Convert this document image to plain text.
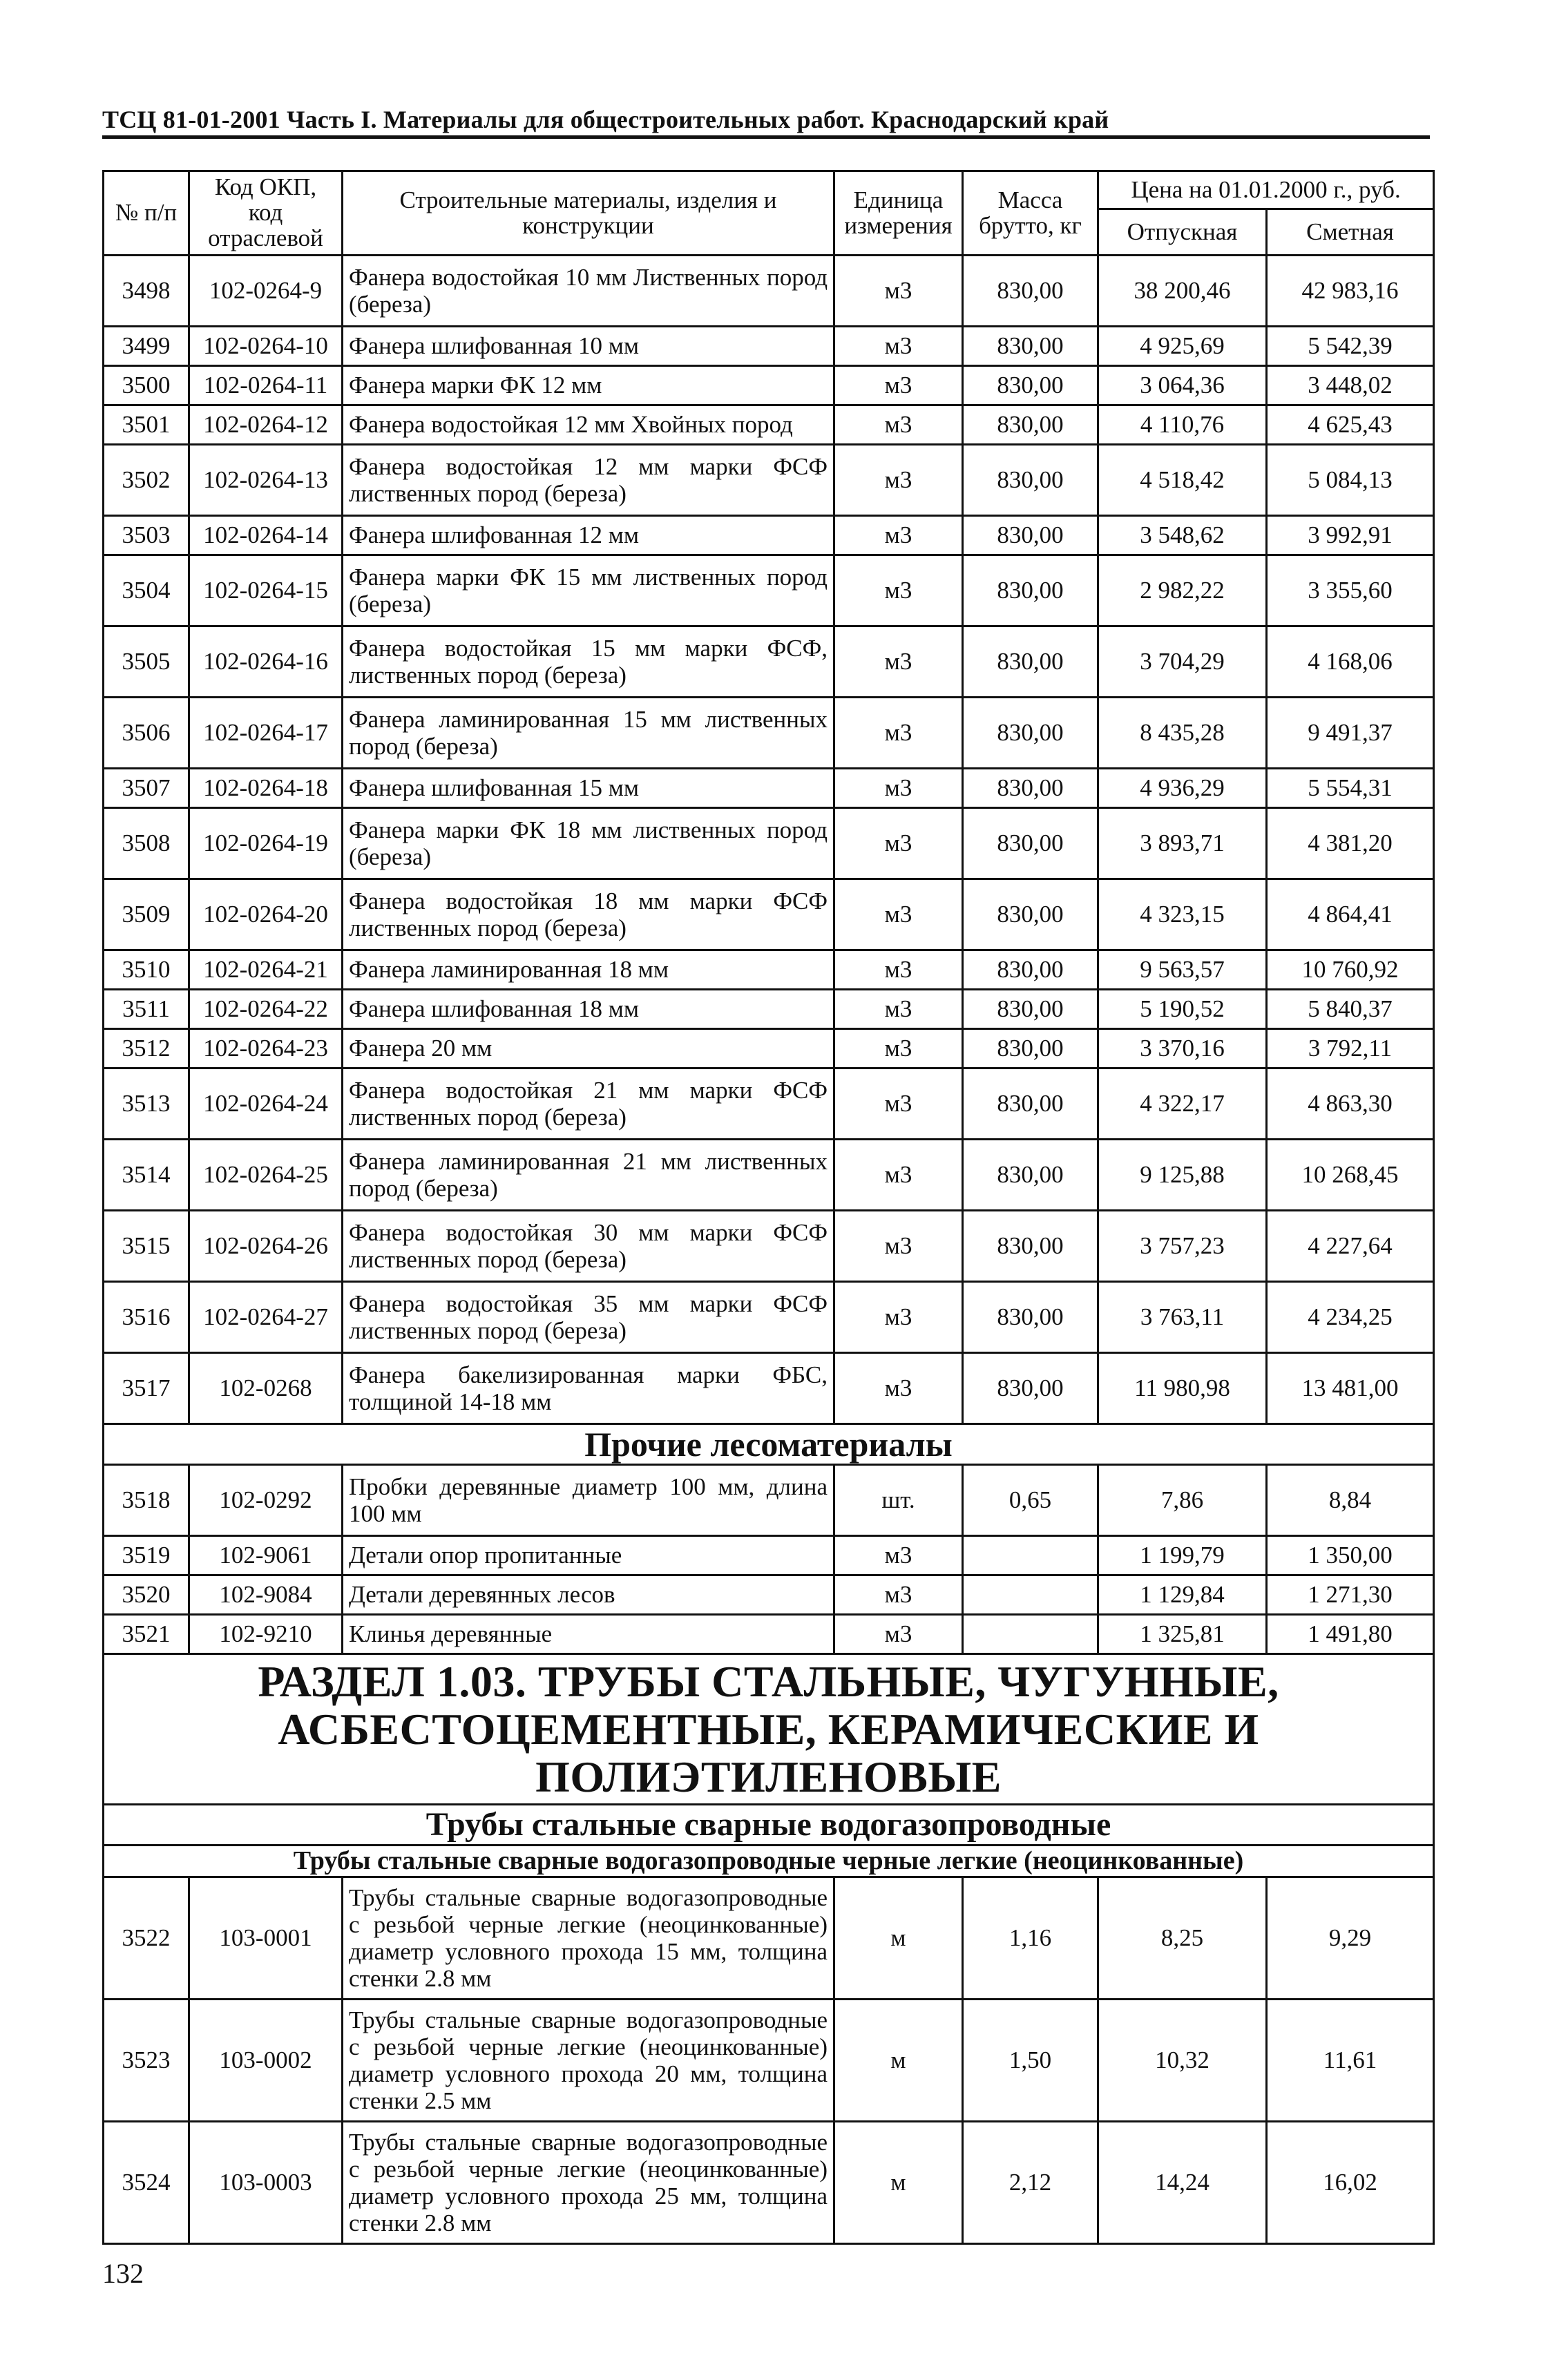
ТСЦ 81-01-2001 Часть I. Материалы для общестроительных работ. Краснодарский край
№ п/п	Код ОКП, код отраслевой	Строительные материалы, изделия и конструкции	Единица измерения	Масса брутто, кг	Цена на 01.01.2000 г., руб.	
					Отпускная	Сметная
3498	102-0264-9	Фанера водостойкая 10 мм Лиственных пород (береза)	м3	830,00	38 200,46	42 983,16
3499	102-0264-10	Фанера шлифованная 10 мм	м3	830,00	4 925,69	5 542,39
3500	102-0264-11	Фанера марки ФК 12 мм	м3	830,00	3 064,36	3 448,02
3501	102-0264-12	Фанера водостойкая 12 мм Хвойных пород	м3	830,00	4 110,76	4 625,43
3502	102-0264-13	Фанера водостойкая 12 мм марки ФСФ лиственных пород (береза)	м3	830,00	4 518,42	5 084,13
3503	102-0264-14	Фанера шлифованная 12 мм	м3	830,00	3 548,62	3 992,91
3504	102-0264-15	Фанера марки ФК 15 мм лиственных пород (береза)	м3	830,00	2 982,22	3 355,60
3505	102-0264-16	Фанера водостойкая 15 мм марки ФСФ, лиственных пород (береза)	м3	830,00	3 704,29	4 168,06
3506	102-0264-17	Фанера ламинированная 15 мм лиственных пород (береза)	м3	830,00	8 435,28	9 491,37
3507	102-0264-18	Фанера шлифованная 15 мм	м3	830,00	4 936,29	5 554,31
3508	102-0264-19	Фанера марки ФК 18 мм лиственных пород (береза)	м3	830,00	3 893,71	4 381,20
3509	102-0264-20	Фанера водостойкая 18 мм марки ФСФ лиственных пород (береза)	м3	830,00	4 323,15	4 864,41
3510	102-0264-21	Фанера ламинированная 18 мм	м3	830,00	9 563,57	10 760,92
3511	102-0264-22	Фанера шлифованная 18 мм	м3	830,00	5 190,52	5 840,37
3512	102-0264-23	Фанера 20 мм	м3	830,00	3 370,16	3 792,11
3513	102-0264-24	Фанера водостойкая 21 мм марки ФСФ лиственных пород (береза)	м3	830,00	4 322,17	4 863,30
3514	102-0264-25	Фанера ламинированная 21 мм лиственных пород (береза)	м3	830,00	9 125,88	10 268,45
3515	102-0264-26	Фанера водостойкая 30 мм марки ФСФ лиственных пород (береза)	м3	830,00	3 757,23	4 227,64
3516	102-0264-27	Фанера водостойкая 35 мм марки ФСФ лиственных пород (береза)	м3	830,00	3 763,11	4 234,25
3517	102-0268	Фанера бакелизированная марки ФБС, толщиной 14-18 мм	м3	830,00	11 980,98	13 481,00
Прочие лесоматериалы						
3518	102-0292	Пробки деревянные диаметр 100 мм, длина 100 мм	шт.	0,65	7,86	8,84
3519	102-9061	Детали опор пропитанные	м3		1 199,79	1 350,00
3520	102-9084	Детали деревянных лесов	м3		1 129,84	1 271,30
3521	102-9210	Клинья деревянные	м3		1 325,81	1 491,80

РАЗДЕЛ 1.03. ТРУБЫ СТАЛЬНЫЕ, ЧУГУННЫЕ,
АСБЕСТОЦЕМЕНТНЫЕ, КЕРАМИЧЕСКИЕ И ПОЛИЭТИЛЕНОВЫЕ						

Трубы стальные сварные водогазопроводные						
Трубы стальные сварные водогазопроводные черные легкие (неоцинкованные)						
3522	103-0001	Трубы стальные сварные водогазопроводные с резьбой черные легкие (неоцинкованные) диаметр условного прохода 15 мм, толщина стенки 2.8 мм	м	1,16	8,25	9,29
3523	103-0002	Трубы стальные сварные водогазопроводные с резьбой черные легкие (неоцинкованные) диаметр условного прохода 20 мм, толщина стенки 2.5 мм	м	1,50	10,32	11,61
3524	103-0003	Трубы стальные сварные водогазопроводные с резьбой черные легкие (неоцинкованные) диаметр условного прохода 25 мм, толщина стенки 2.8 мм	м	2,12	14,24	16,02
132
